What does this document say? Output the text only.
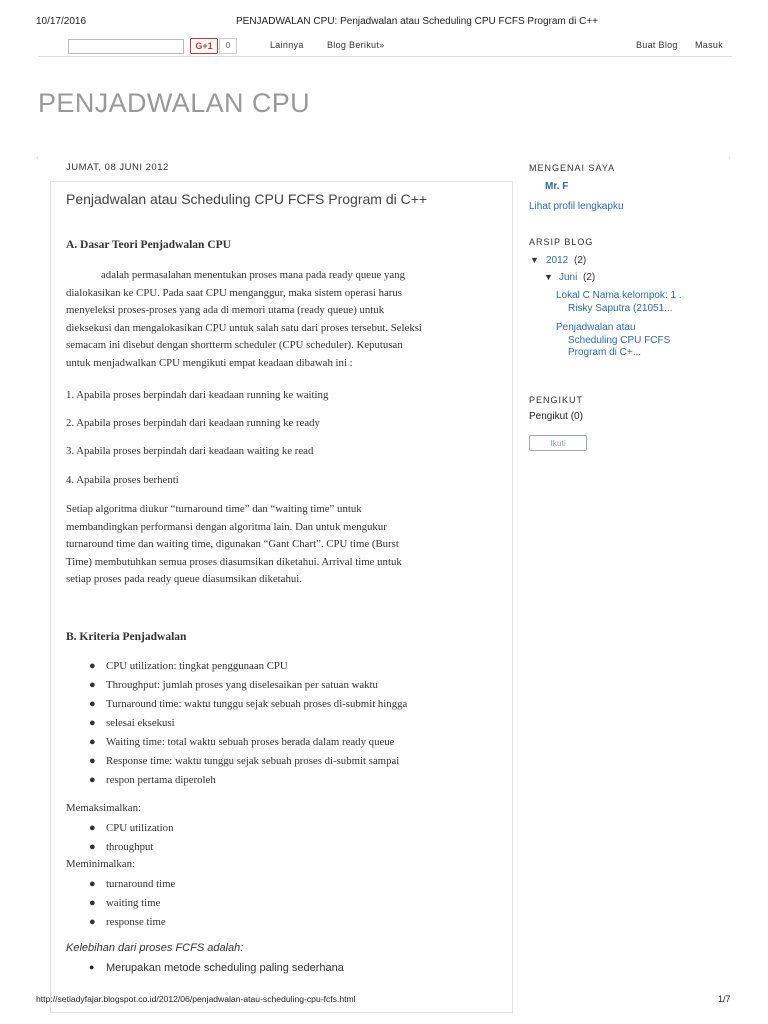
10/17/2016	PENJADWALAN CPU: Penjadwalan atau Scheduling CPU FCFS Program di C++
G+1	0	Lainnya	Blog Berikut»	Buat Blog Masuk
PENJADWALAN CPU
‹	›
JUMAT, 08 JUNI 2012
Penjadwalan atau Scheduling CPU FCFS Program di C++
A. Dasar Teori Penjadwalan CPU

adalah permasalahan menentukan proses mana pada ready queue yang

dialokasikan ke CPU. Pada saat CPU menganggur, maka sistem operasi harus

menyeleksi proses-proses yang ada di memori utama (ready queue) untuk

dieksekusi dan mengalokasikan CPU untuk salah satu dari proses tersebut. Seleksi

semacam ini disebut dengan shortterm scheduler (CPU scheduler). Keputusan

untuk menjadwalkan CPU mengikuti empat keadaan dibawah ini :

1. Apabila proses berpindah dari keadaan running ke waiting
2. Apabila proses berpindah dari keadaan running ke ready
3. Apabila proses berpindah dari keadaan waiting ke read
4. Apabila proses berhenti

Setiap algoritma diukur “turnaround time” dan “waiting time” untuk

membandingkan performansi dengan algoritma lain. Dan untuk mengukur

turnaround time dan waiting time, digunakan “Gant Chart”. CPU time (Burst

Time) membutuhkan semua proses diasumsikan diketahui. Arrival time untuk

setiap proses pada ready queue diasumsikan diketahui.

B. Kriteria Penjadwalan
● CPU utilization: tingkat penggunaan CPU
● Throughput: jumlah proses yang diselesaikan per satuan waktu
● Turnaround time: waktu tunggu sejak sebuah proses di-submit hingga
● selesai eksekusi
● Waiting time: total waktu sebuah proses berada dalam ready queue
● Response time: waktu tunggu sejak sebuah proses di-submit sampai
● respon pertama diperoleh
Memaksimalkan:
● CPU utilization
● throughput
Meminimalkan:
● turnaround time
● waiting time
● response time
Kelebihan dari proses FCFS adalah:
● Merupakan metode scheduling paling sederhana
MENGENAI SAYA
Mr. F
Lihat profil lengkapku
ARSIP BLOG
▼ 2012 (2)
▼ Juni (2)
Lokal C Nama kelompok: 1 .
Risky Saputra (21051...
Penjadwalan atau
Scheduling CPU FCFS
Program di C+...
PENGIKUT
Pengikut (0)
Ikuti
http://setiadyfajar.blogspot.co.id/2012/06/penjadwalan-atau-scheduling-cpu-fcfs.html	1/7
